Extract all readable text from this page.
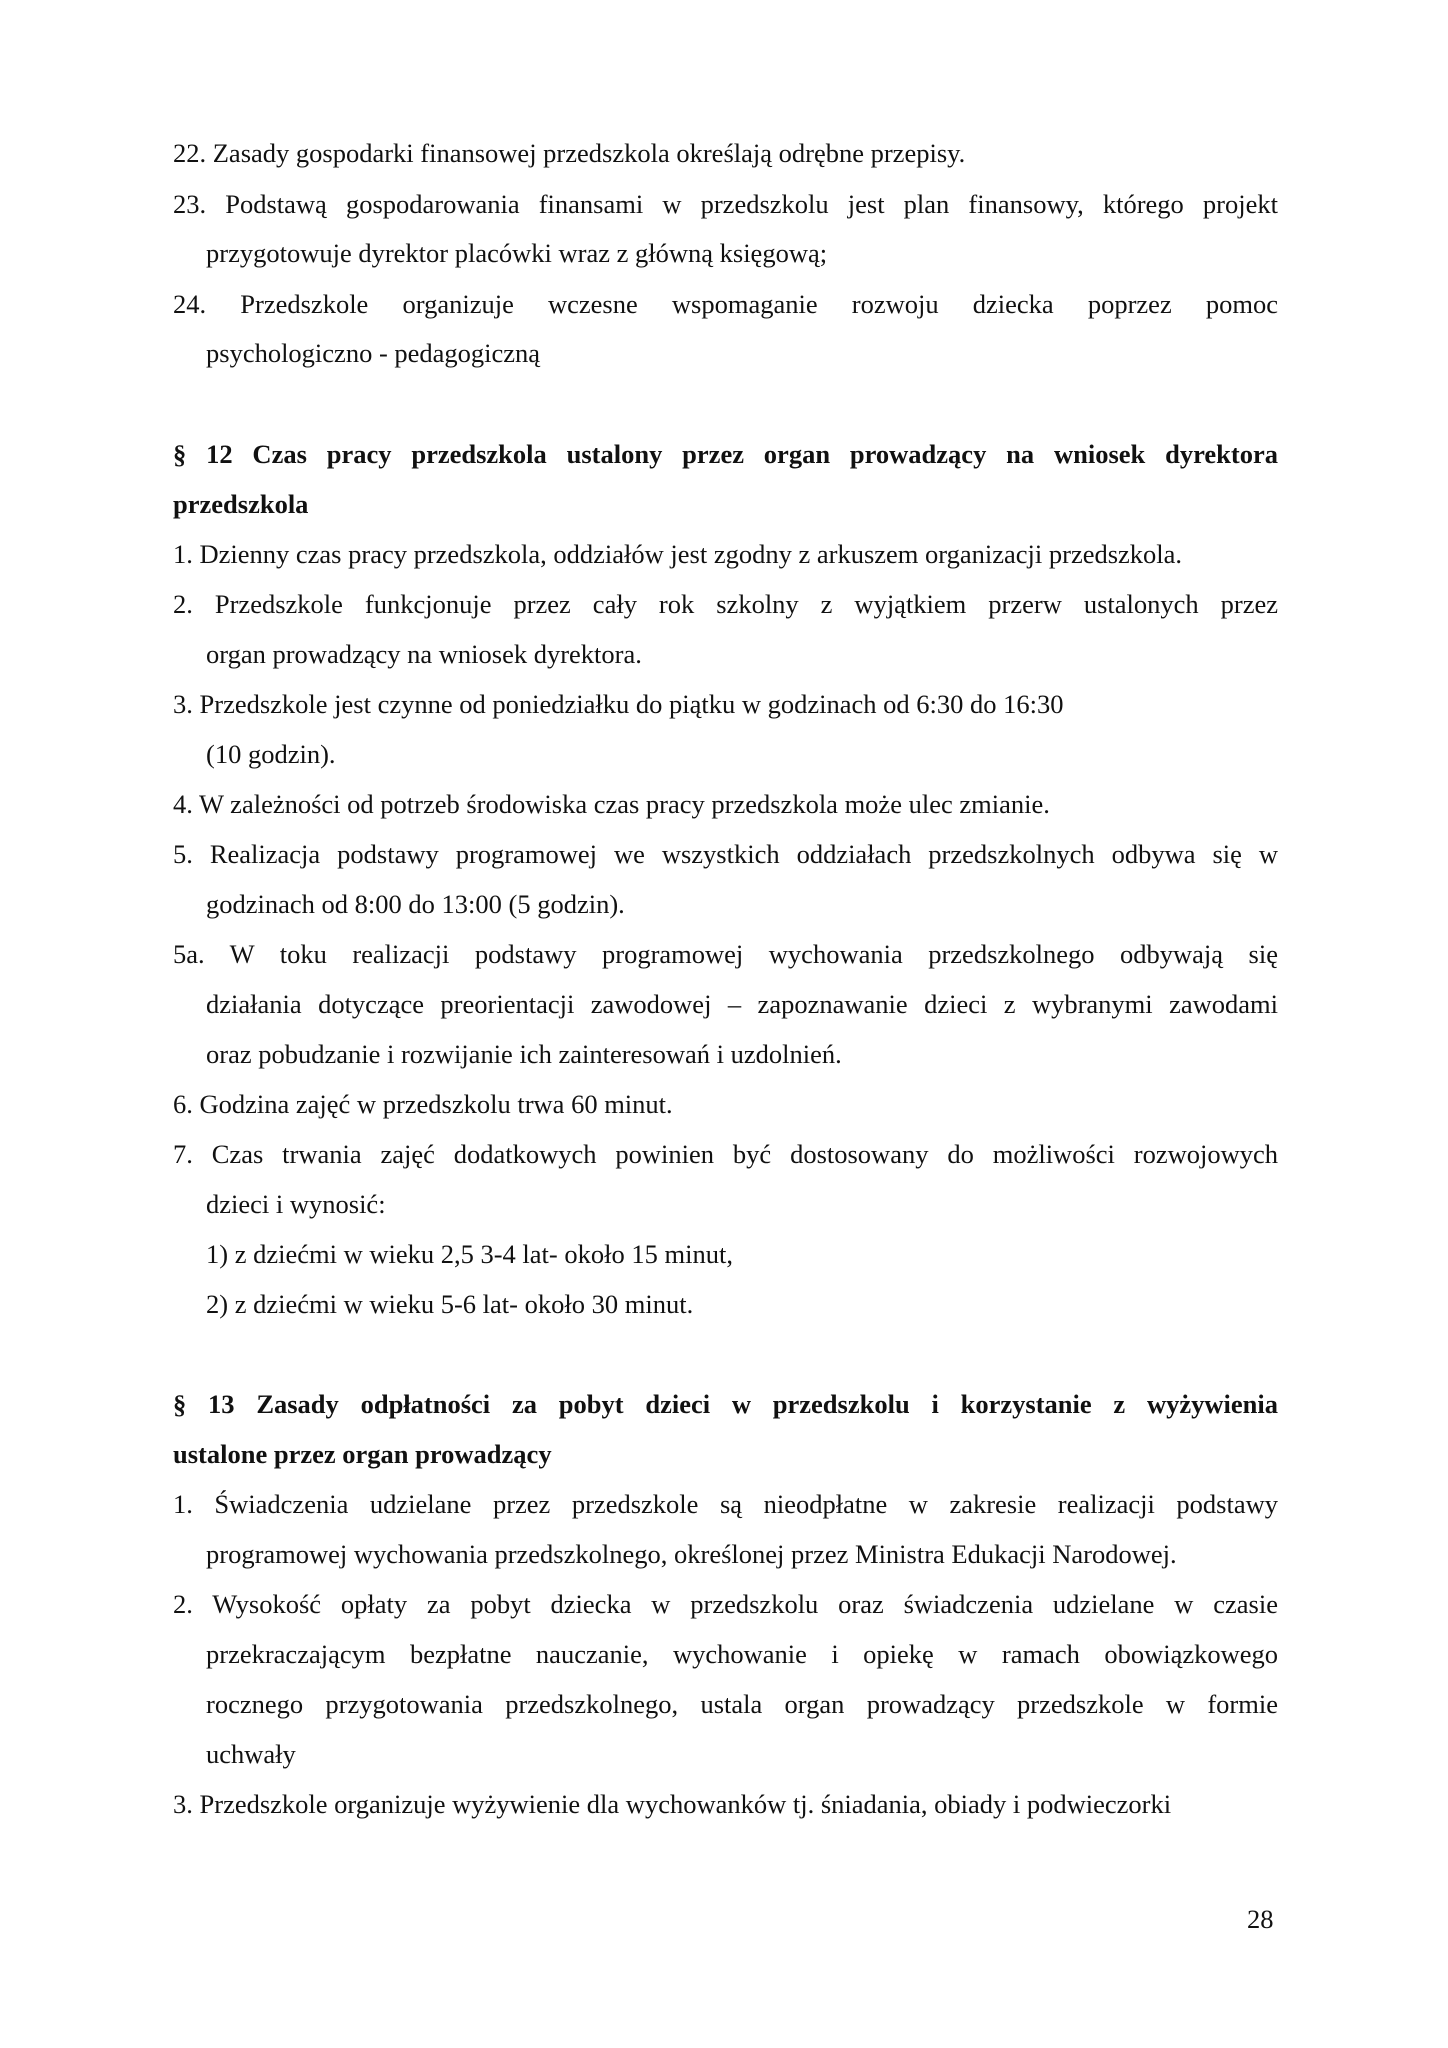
22. Zasady gospodarki finansowej przedszkola określają odrębne przepisy.
23. Podstawą gospodarowania finansami w przedszkolu jest plan finansowy, którego projekt
przygotowuje dyrektor placówki wraz z główną księgową;
24. Przedszkole organizuje wczesne wspomaganie rozwoju dziecka poprzez pomoc
psychologiczno - pedagogiczną
§ 12 Czas pracy przedszkola ustalony przez organ prowadzący na wniosek dyrektora
przedszkola
1. Dzienny czas pracy przedszkola, oddziałów jest zgodny z arkuszem organizacji przedszkola.
2. Przedszkole funkcjonuje przez cały rok szkolny z wyjątkiem przerw ustalonych przez
organ prowadzący na wniosek dyrektora.
3. Przedszkole jest czynne od poniedziałku do piątku w godzinach od 6:30 do 16:30
(10 godzin).
4. W zależności od potrzeb środowiska czas pracy przedszkola może ulec zmianie.
5. Realizacja podstawy programowej we wszystkich oddziałach przedszkolnych odbywa się w
godzinach od 8:00 do 13:00 (5 godzin).
5a. W toku realizacji podstawy programowej wychowania przedszkolnego odbywają się
działania dotyczące preorientacji zawodowej – zapoznawanie dzieci z wybranymi zawodami
oraz pobudzanie i rozwijanie ich zainteresowań i uzdolnień.
6. Godzina zajęć w przedszkolu trwa 60 minut.
7. Czas trwania zajęć dodatkowych powinien być dostosowany do możliwości rozwojowych
dzieci i wynosić:
1) z dziećmi w wieku 2,5 3-4 lat- około 15 minut,
2) z dziećmi w wieku 5-6 lat- około 30 minut.
§ 13 Zasady odpłatności za pobyt dzieci w przedszkolu i korzystanie z wyżywienia
ustalone przez organ prowadzący
1. Świadczenia udzielane przez przedszkole są nieodpłatne w zakresie realizacji podstawy
programowej wychowania przedszkolnego, określonej przez Ministra Edukacji Narodowej.
2. Wysokość opłaty za pobyt dziecka w przedszkolu oraz świadczenia udzielane w czasie
przekraczającym bezpłatne nauczanie, wychowanie i opiekę w ramach obowiązkowego
rocznego przygotowania przedszkolnego, ustala organ prowadzący przedszkole w formie
uchwały
3. Przedszkole organizuje wyżywienie dla wychowanków tj. śniadania, obiady i podwieczorki
28
